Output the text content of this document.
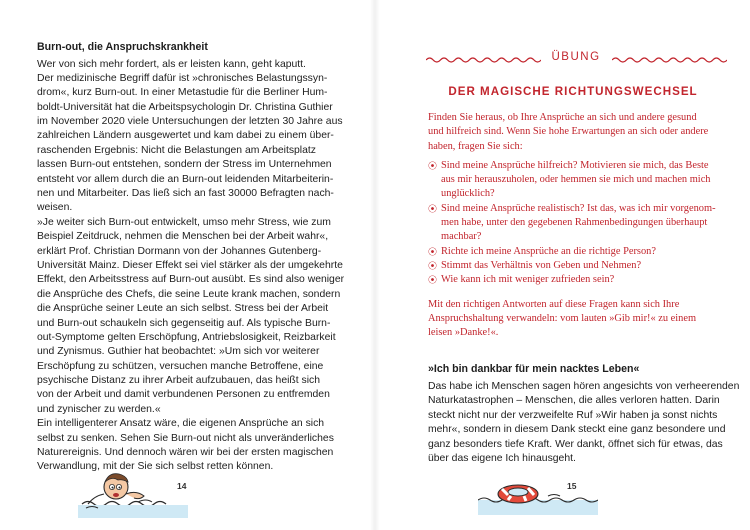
Burn-out, die Anspruchskrankheit
Wer von sich mehr fordert, als er leisten kann, geht kaputt.
Der medizinische Begriff dafür ist »chronisches Belastungssyn-
drom«, kurz Burn-out. In einer Metastudie für die Berliner Hum-
boldt-Universität hat die Arbeitspsychologin Dr. Christina Guthier
im November 2020 viele Untersuchungen der letzten 30 Jahre aus
zahlreichen Ländern ausgewertet und kam dabei zu einem über-
raschenden Ergebnis: Nicht die Belastungen am Arbeitsplatz
lassen Burn-out entstehen, sondern der Stress im Unternehmen
entsteht vor allem durch die an Burn-out leidenden Mitarbeiterin-
nen und Mitarbeiter. Das ließ sich an fast 30000 Befragten nach-
weisen.
»Je weiter sich Burn-out entwickelt, umso mehr Stress, wie zum
Beispiel Zeitdruck, nehmen die Menschen bei der Arbeit wahr«,
erklärt Prof. Christian Dormann von der Johannes Gutenberg-
Universität Mainz. Dieser Effekt sei viel stärker als der umgekehrte
Effekt, den Arbeitsstress auf Burn-out ausübt. Es sind also weniger
die Ansprüche des Chefs, die seine Leute krank machen, sondern
die Ansprüche seiner Leute an sich selbst. Stress bei der Arbeit
und Burn-out schaukeln sich gegenseitig auf. Als typische Burn-
out-Symptome gelten Erschöpfung, Antriebslosigkeit, Reizbarkeit
und Zynismus. Guthier hat beobachtet: »Um sich vor weiterer
Erschöpfung zu schützen, versuchen manche Betroffene, eine
psychische Distanz zu ihrer Arbeit aufzubauen, das heißt sich
von der Arbeit und damit verbundenen Personen zu entfremden
und zynischer zu werden.«
Ein intelligenterer Ansatz wäre, die eigenen Ansprüche an sich
selbst zu senken. Sehen Sie Burn-out nicht als unveränderliches
Naturereignis. Und dennoch wären wir bei der ersten magischen
Verwandlung, mit der Sie sich selbst retten können.
14
ÜBUNG
DER MAGISCHE RICHTUNGSWECHSEL
Finden Sie heraus, ob Ihre Ansprüche an sich und andere gesund
und hilfreich sind. Wenn Sie hohe Erwartungen an sich oder andere
haben, fragen Sie sich:
⦿ Sind meine Ansprüche hilfreich? Motivieren sie mich, das Beste
aus mir herauszuholen, oder hemmen sie mich und machen mich
unglücklich?
⦿ Sind meine Ansprüche realistisch? Ist das, was ich mir vorgenom-
men habe, unter den gegebenen Rahmenbedingungen überhaupt
machbar?
⦿ Richte ich meine Ansprüche an die richtige Person?
⦿ Stimmt das Verhältnis von Geben und Nehmen?
⦿ Wie kann ich mit weniger zufrieden sein?
Mit den richtigen Antworten auf diese Fragen kann sich Ihre
Anspruchshaltung verwandeln: vom lauten »Gib mir!« zu einem
leisen »Danke!«.
»Ich bin dankbar für mein nacktes Leben«
Das habe ich Menschen sagen hören angesichts von verheerenden
Naturkatastrophen – Menschen, die alles verloren hatten. Darin
steckt nicht nur der verzweifelte Ruf »Wir haben ja sonst nichts
mehr«, sondern in diesem Dank steckt eine ganz besondere und
ganz besonders tiefe Kraft. Wer dankt, öffnet sich für etwas, das
über das eigene Ich hinausgeht.
15
